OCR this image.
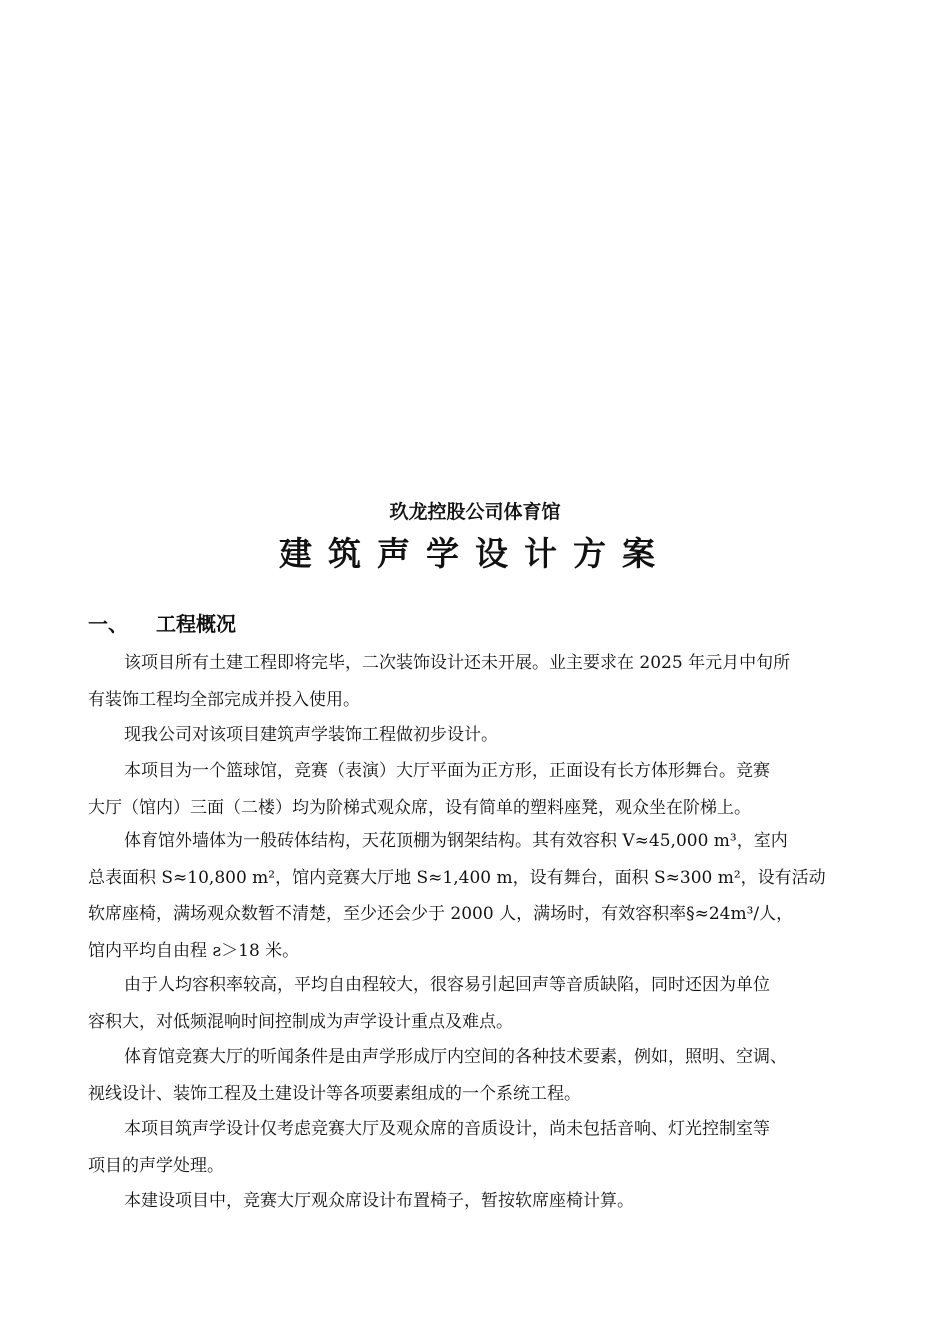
玖龙控股公司体育馆
建筑声学设计方案
一、 工程概况
该项目所有土建工程即将完毕，二次装饰设计还未开展。业主要求在 2025 年元月中旬所
有装饰工程均全部完成并投入使用。
现我公司对该项目建筑声学装饰工程做初步设计。
本项目为一个篮球馆，竞赛（表演）大厅平面为正方形，正面设有长方体形舞台。竞赛
大厅（馆内）三面（二楼）均为阶梯式观众席，设有简单的塑料座凳，观众坐在阶梯上。
体育馆外墙体为一般砖体结构，天花顶棚为钢架结构。其有效容积 V≈45,000 m³，室内
总表面积 S≈10,800 m²，馆内竞赛大厅地 S≈1,400 m，设有舞台，面积 S≈300 m²，设有活动
软席座椅，满场观众数暂不清楚，至少还会少于 2000 人，满场时，有效容积率§≈24m³/人，
馆内平均自由程 ƨ＞18 米。
由于人均容积率较高，平均自由程较大，很容易引起回声等音质缺陷，同时还因为单位
容积大，对低频混响时间控制成为声学设计重点及难点。
体育馆竞赛大厅的听闻条件是由声学形成厅内空间的各种技术要素，例如，照明、空调、
视线设计、装饰工程及土建设计等各项要素组成的一个系统工程。
本项目筑声学设计仅考虑竞赛大厅及观众席的音质设计，尚未包括音响、灯光控制室等
项目的声学处理。
本建设项目中，竞赛大厅观众席设计布置椅子，暂按软席座椅计算。
